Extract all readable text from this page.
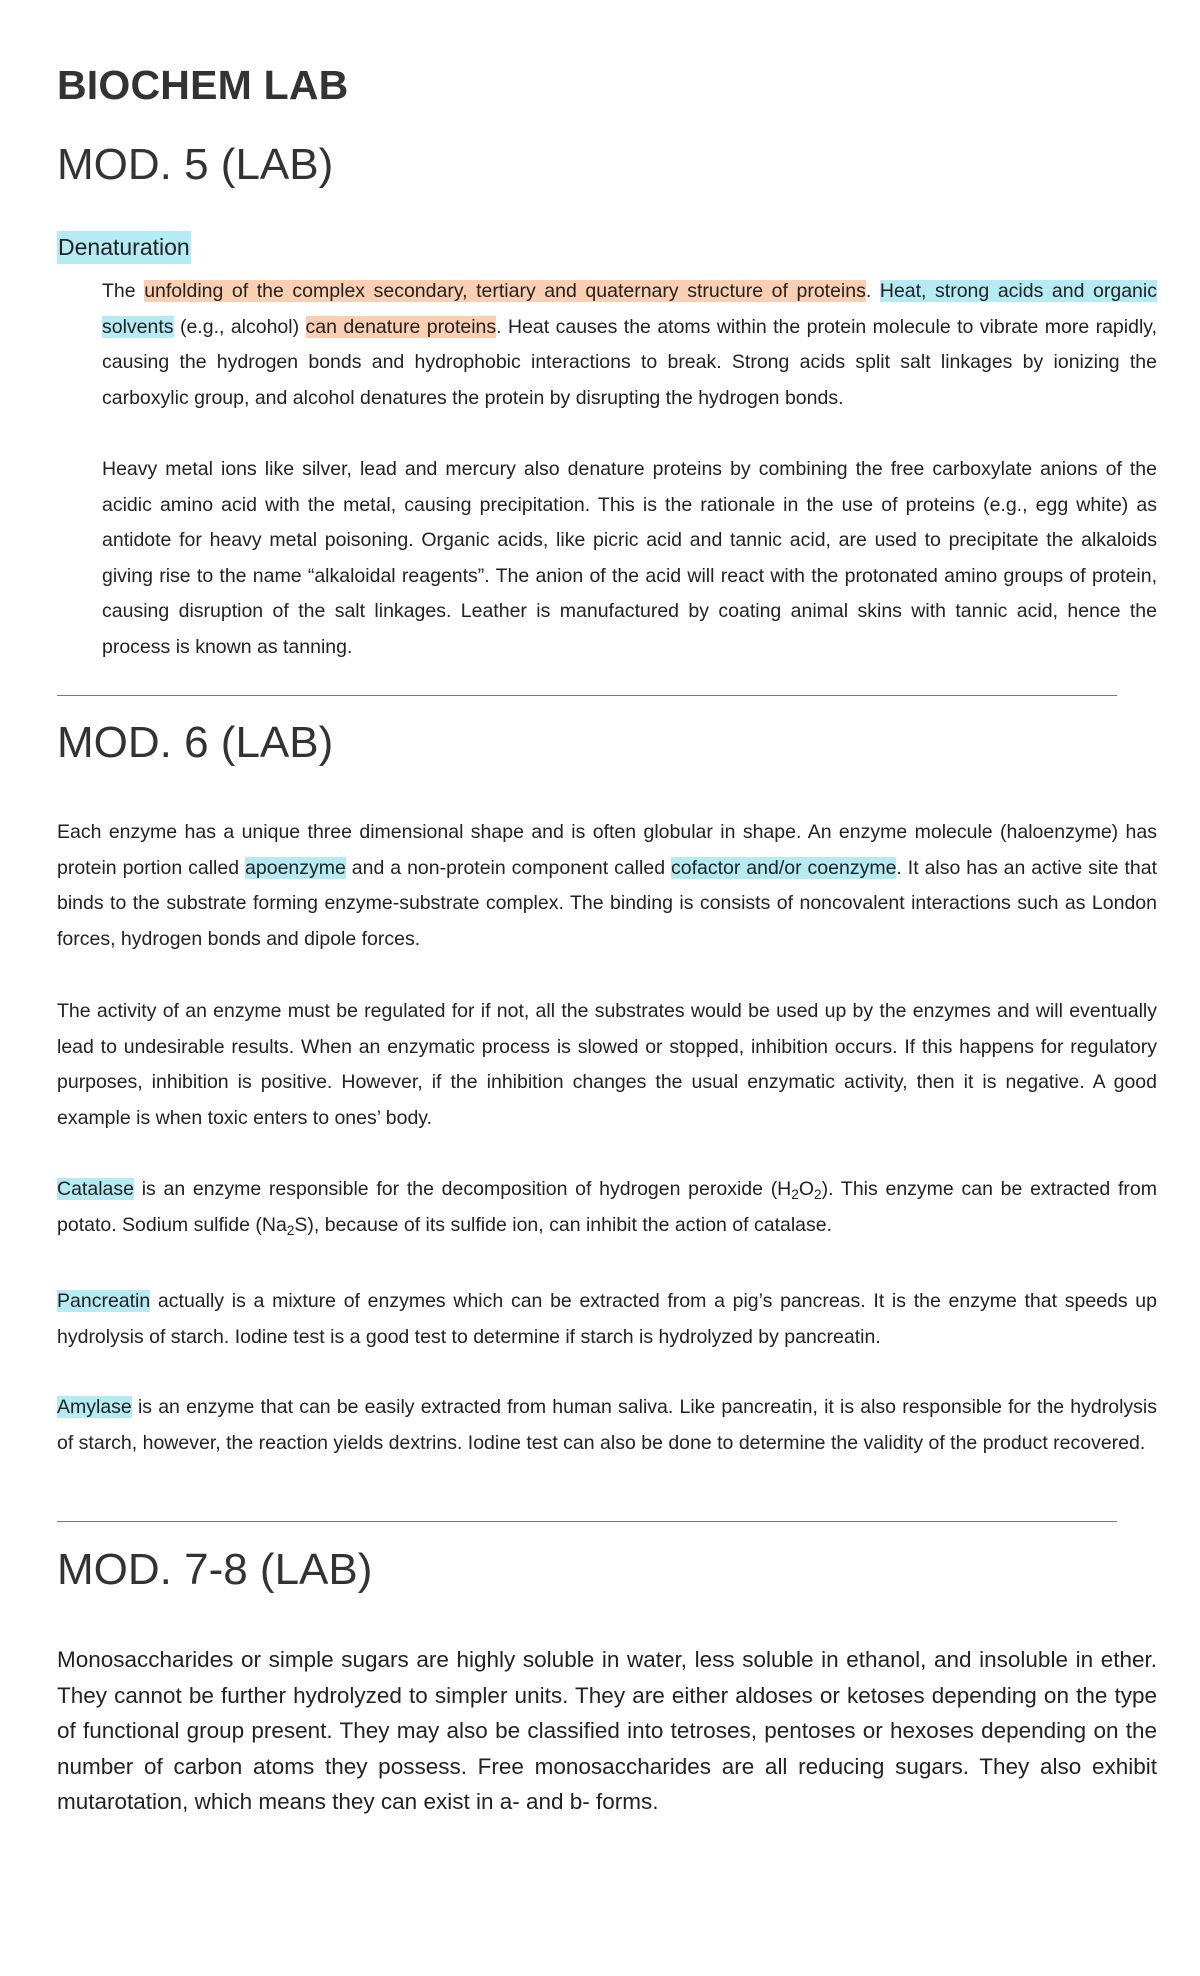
BIOCHEM LAB
MOD. 5 (LAB)
Denaturation

The unfolding of the complex secondary, tertiary and quaternary structure of proteins. Heat, strong acids and organic solvents (e.g., alcohol) can denature proteins. Heat causes the atoms within the protein molecule to vibrate more rapidly, causing the hydrogen bonds and hydrophobic interactions to break. Strong acids split salt linkages by ionizing the carboxylic group, and alcohol denatures the protein by disrupting the hydrogen bonds.

Heavy metal ions like silver, lead and mercury also denature proteins by combining the free carboxylate anions of the acidic amino acid with the metal, causing precipitation. This is the rationale in the use of proteins (e.g., egg white) as antidote for heavy metal poisoning. Organic acids, like picric acid and tannic acid, are used to precipitate the alkaloids giving rise to the name “alkaloidal reagents”. The anion of the acid will react with the protonated amino groups of protein, causing disruption of the salt linkages. Leather is manufactured by coating animal skins with tannic acid, hence the process is known as tanning.

MOD. 6 (LAB)

Each enzyme has a unique three dimensional shape and is often globular in shape. An enzyme molecule (haloenzyme) has protein portion called apoenzyme and a non-protein component called cofactor and/or coenzyme. It also has an active site that binds to the substrate forming enzyme-substrate complex. The binding is consists of noncovalent interactions such as London forces, hydrogen bonds and dipole forces.

The activity of an enzyme must be regulated for if not, all the substrates would be used up by the enzymes and will eventually lead to undesirable results. When an enzymatic process is slowed or stopped, inhibition occurs. If this happens for regulatory purposes, inhibition is positive. However, if the inhibition changes the usual enzymatic activity, then it is negative. A good example is when toxic enters to ones’ body.

Catalase is an enzyme responsible for the decomposition of hydrogen peroxide $(H_2O_2)$. This enzyme can be extracted from potato. Sodium sulfide $(Na_2S)$, because of its sulfide ion, can inhibit the action of catalase.

Pancreatin actually is a mixture of enzymes which can be extracted from a pig’s pancreas. It is the enzyme that speeds up hydrolysis of starch. Iodine test is a good test to determine if starch is hydrolyzed by pancreatin.

Amylase is an enzyme that can be easily extracted from human saliva. Like pancreatin, it is also responsible for the hydrolysis of starch, however, the reaction yields dextrins. Iodine test can also be done to determine the validity of the product recovered.

MOD. 7-8 (LAB)

Monosaccharides or simple sugars are highly soluble in water, less soluble in ethanol, and insoluble in ether. They cannot be further hydrolyzed to simpler units. They are either aldoses or ketoses depending on the type of functional group present. They may also be classified into tetroses, pentoses or hexoses depending on the number of carbon atoms they possess. Free monosaccharides are all reducing sugars. They also exhibit mutarotation, which means they can exist in a- and b- forms.
